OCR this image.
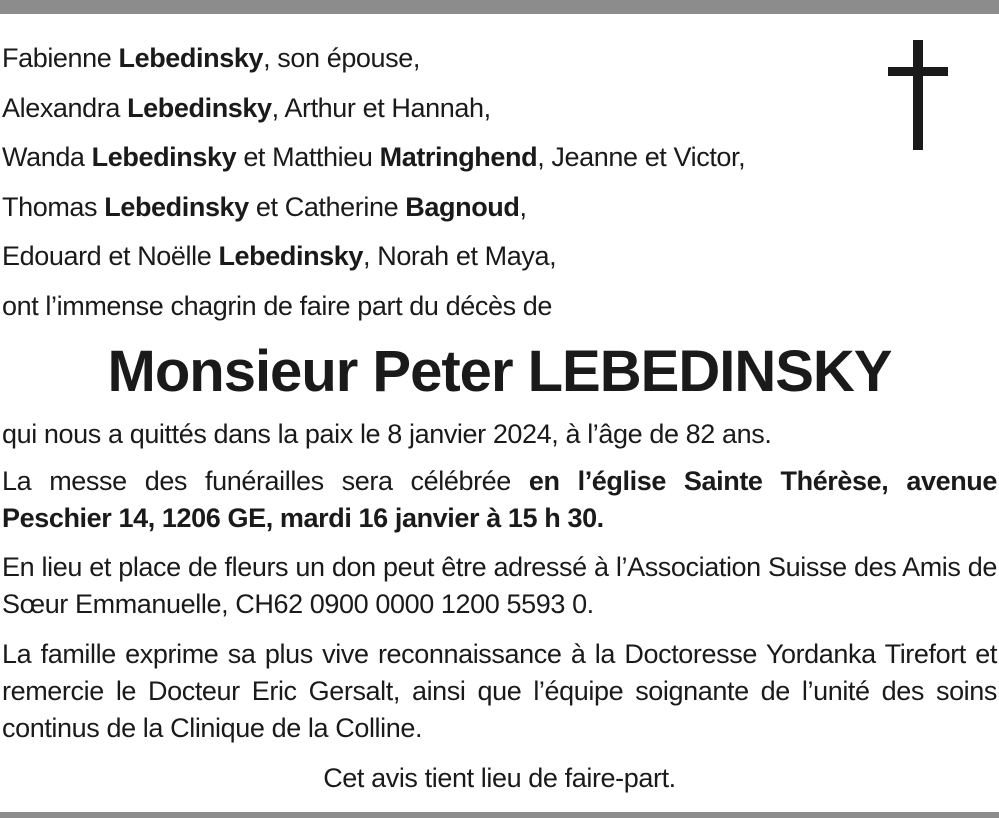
Fabienne Lebedinsky, son épouse,
Alexandra Lebedinsky, Arthur et Hannah,
Wanda Lebedinsky et Matthieu Matringhend, Jeanne et Victor,
Thomas Lebedinsky et Catherine Bagnoud,
Edouard et Noëlle Lebedinsky, Norah et Maya,
ont l’immense chagrin de faire part du décès de
Monsieur Peter LEBEDINSKY
qui nous a quittés dans la paix le 8 janvier 2024, à l’âge de 82 ans.
La messe des funérailles sera célébrée en l’église Sainte Thérèse, avenue Peschier 14, 1206 GE, mardi 16 janvier à 15 h 30.
En lieu et place de fleurs un don peut être adressé à l’Association Suisse des Amis de Sœur Emmanuelle, CH62 0900 0000 1200 5593 0.
La famille exprime sa plus vive reconnaissance à la Doctoresse Yordanka Tirefort et remercie le Docteur Eric Gersalt, ainsi que l’équipe soignante de l’unité des soins continus de la Clinique de la Colline.
Cet avis tient lieu de faire-part.
